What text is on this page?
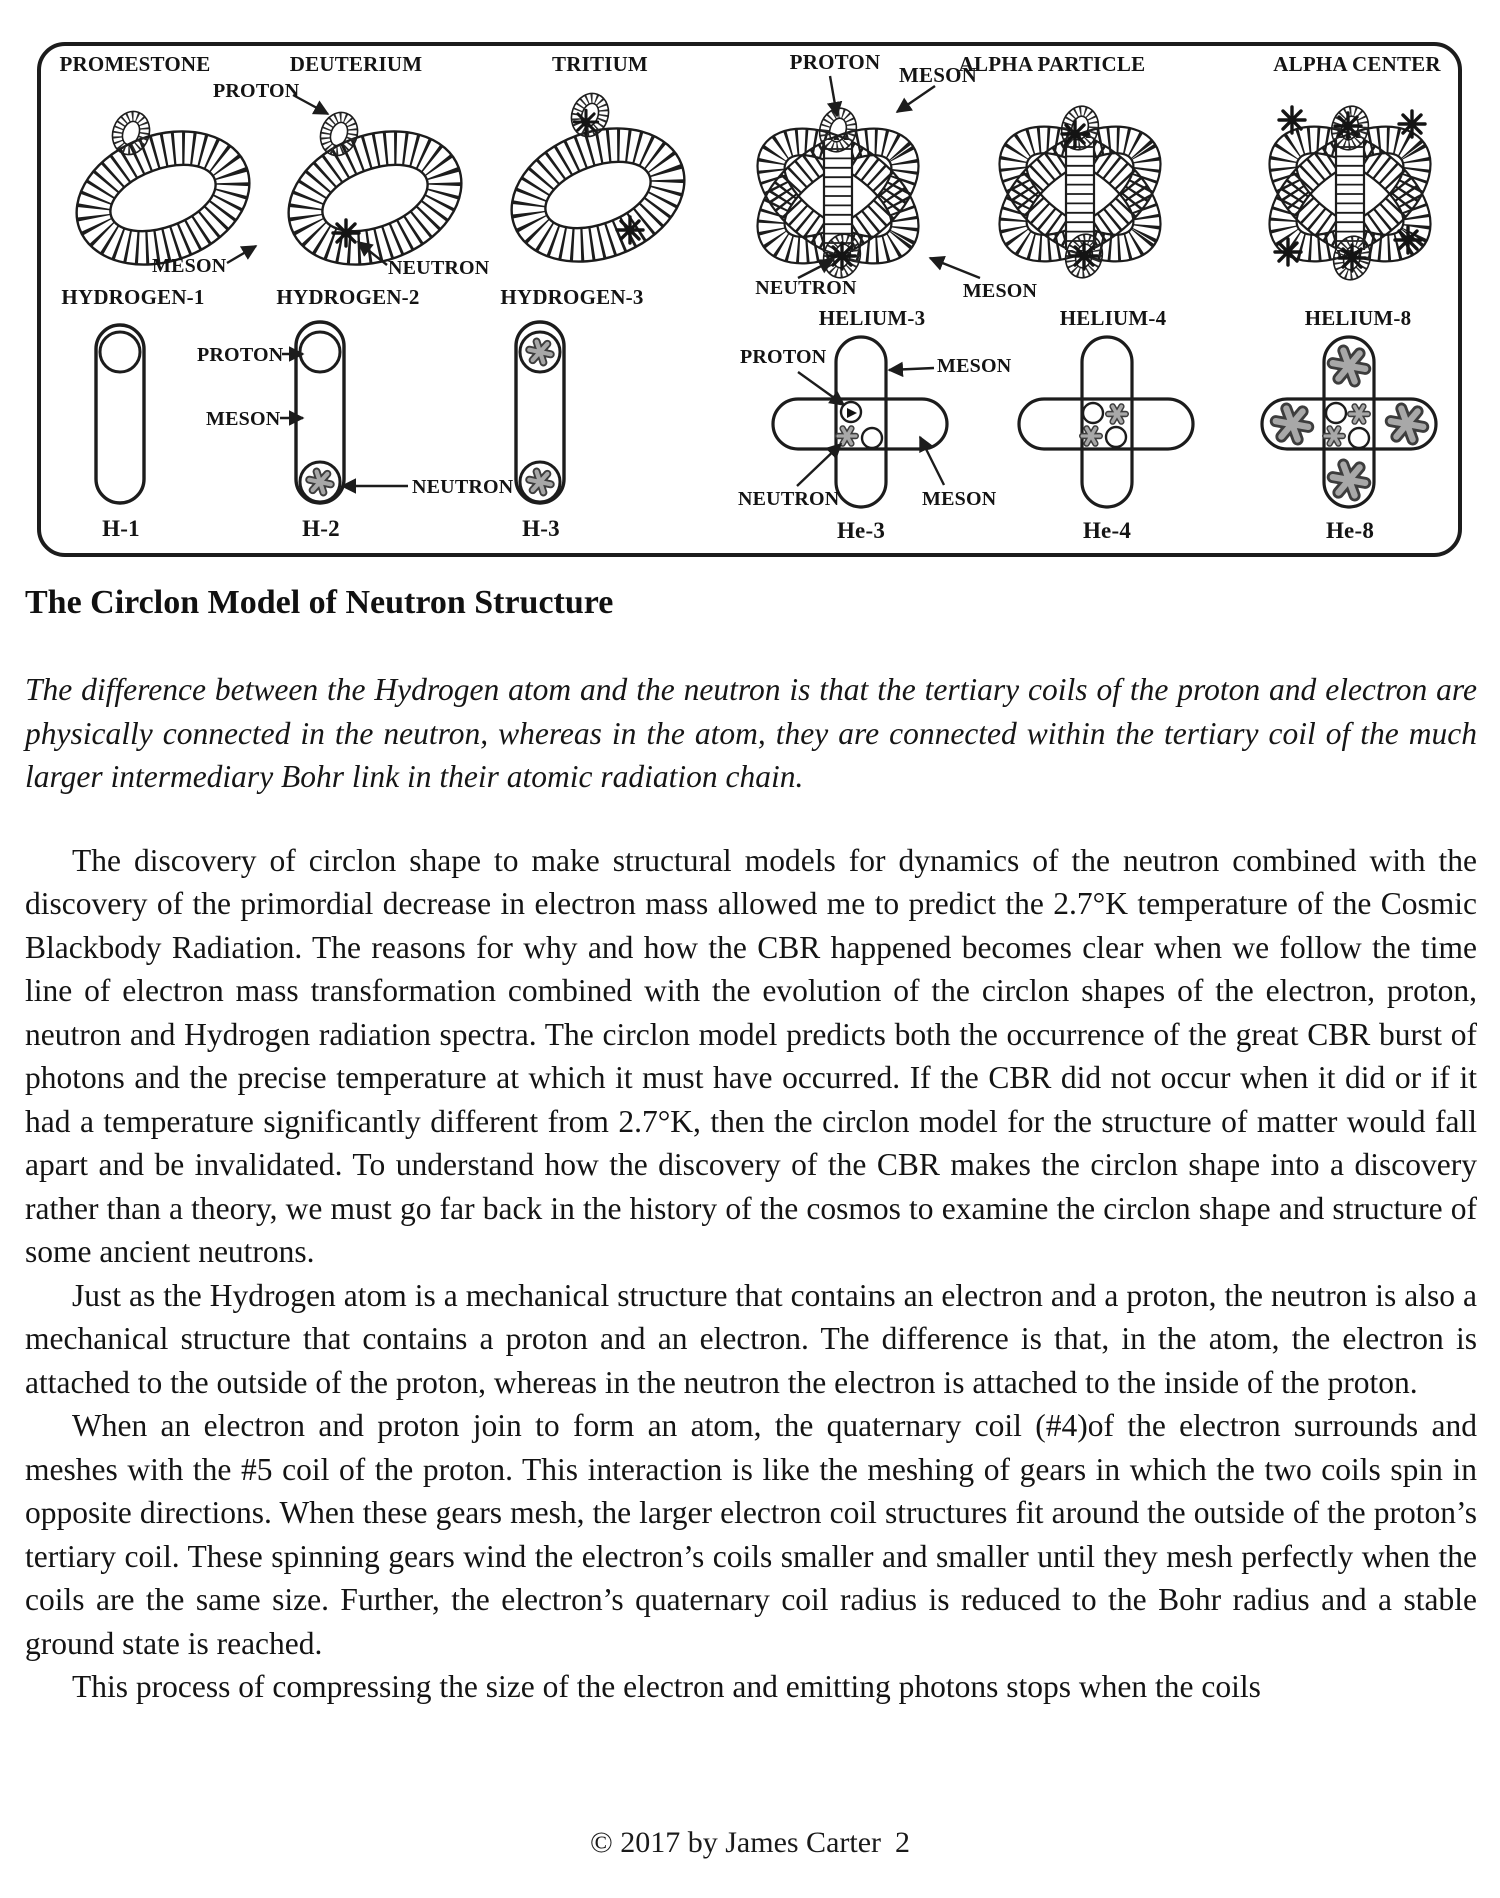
PROMESTONE	DEUTERIUM	TRITIUM	PROTON
MESON
ALPHA PARTICLE	ALPHA CENTER
PROTON
MESON	NEUTRON
NEUTRON	MESON
HYDROGEN-1	HYDROGEN-2	HYDROGEN-3
HELIUM-3	HELIUM-4	HELIUM-8
PROTON
MESON
NEUTRON
PROTON	MESON
NEUTRON	MESON
H-1	H-2	H-3	He-3	He-4	He-8
The Circlon Model of Neutron Structure

The difference between the Hydrogen atom and the neutron is that the tertiary coils of the proton and electron are physically connected in the neutron, whereas in the atom, they are connected within the tertiary coil of the much larger intermediary Bohr link in their atomic radiation chain.

The discovery of circlon shape to make structural models for dynamics of the neutron combined with the discovery of the primordial decrease in electron mass allowed me to predict the 2.7°K temperature of the Cosmic Blackbody Radiation. The reasons for why and how the CBR happened becomes clear when we follow the time line of electron mass transformation combined with the evolution of the circlon shapes of the electron, proton, neutron and Hydrogen radiation spectra. The circlon model predicts both the occurrence of the great CBR burst of photons and the precise temperature at which it must have occurred. If the CBR did not occur when it did or if it had a temperature significantly different from 2.7°K, then the circlon model for the structure of matter would fall apart and be invalidated. To understand how the discovery of the CBR makes the circlon shape into a discovery rather than a theory, we must go far back in the history of the cosmos to examine the circlon shape and structure of some ancient neutrons.

Just as the Hydrogen atom is a mechanical structure that contains an electron and a proton, the neutron is also a mechanical structure that contains a proton and an electron. The difference is that, in the atom, the electron is attached to the outside of the proton, whereas in the neutron the electron is attached to the inside of the proton.

When an electron and proton join to form an atom, the quaternary coil (#4)of the electron surrounds and meshes with the #5 coil of the proton. This interaction is like the meshing of gears in which the two coils spin in opposite directions. When these gears mesh, the larger electron coil structures fit around the outside of the proton’s tertiary coil. These spinning gears wind the electron’s coils smaller and smaller until they mesh perfectly when the coils are the same size. Further, the electron’s quaternary coil radius is reduced to the Bohr radius and a stable ground state is reached.

This process of compressing the size of the electron and emitting photons stops when the coils

© 2017 by James Carter 2
